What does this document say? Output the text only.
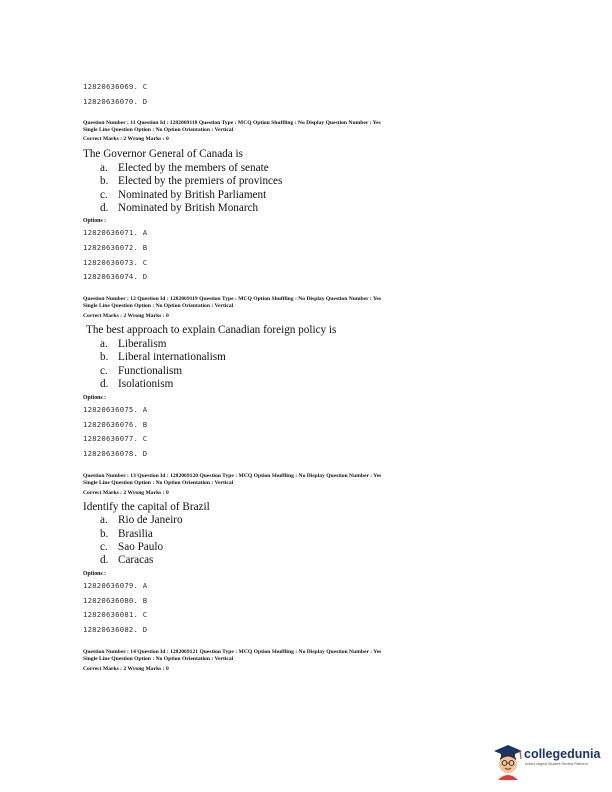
12820636069. C
12820636070. D
Question Number : 11 Question Id : 1282069118 Question Type : MCQ Option Shuffling : No Display Question Number : Yes
Single Line Question Option : No Option Orientation : Vertical
Correct Marks : 2 Wrong Marks : 0
The Governor General of Canada is
a. Elected by the members of senate
b. Elected by the premiers of provinces
c. Nominated by British Parliament
d. Nominated by British Monarch
Options :
12820636071. A
12820636072. B
12820636073. C
12820636074. D
Question Number : 12 Question Id : 1282069119 Question Type : MCQ Option Shuffling : No Display Question Number : Yes
Single Line Question Option : No Option Orientation : Vertical
Correct Marks : 2 Wrong Marks : 0
The best approach to explain Canadian foreign policy is
a. Liberalism
b. Liberal internationalism
c. Functionalism
d. Isolationism
Options :
12820636075. A
12820636076. B
12820636077. C
12820636078. D
Question Number : 13 Question Id : 1282069120 Question Type : MCQ Option Shuffling : No Display Question Number : Yes
Single Line Question Option : No Option Orientation : Vertical
Correct Marks : 2 Wrong Marks : 0
Identify the capital of Brazil
a. Rio de Janeiro
b. Brasilia
c. Sao Paulo
d. Caracas
Options :
12820636079. A
12820636080. B
12820636081. C
12820636082. D
Question Number : 14 Question Id : 1282069121 Question Type : MCQ Option Shuffling : No Display Question Number : Yes
Single Line Question Option : No Option Orientation : Vertical
Correct Marks : 2 Wrong Marks : 0
collegedunia
India's largest Student Review Platform
